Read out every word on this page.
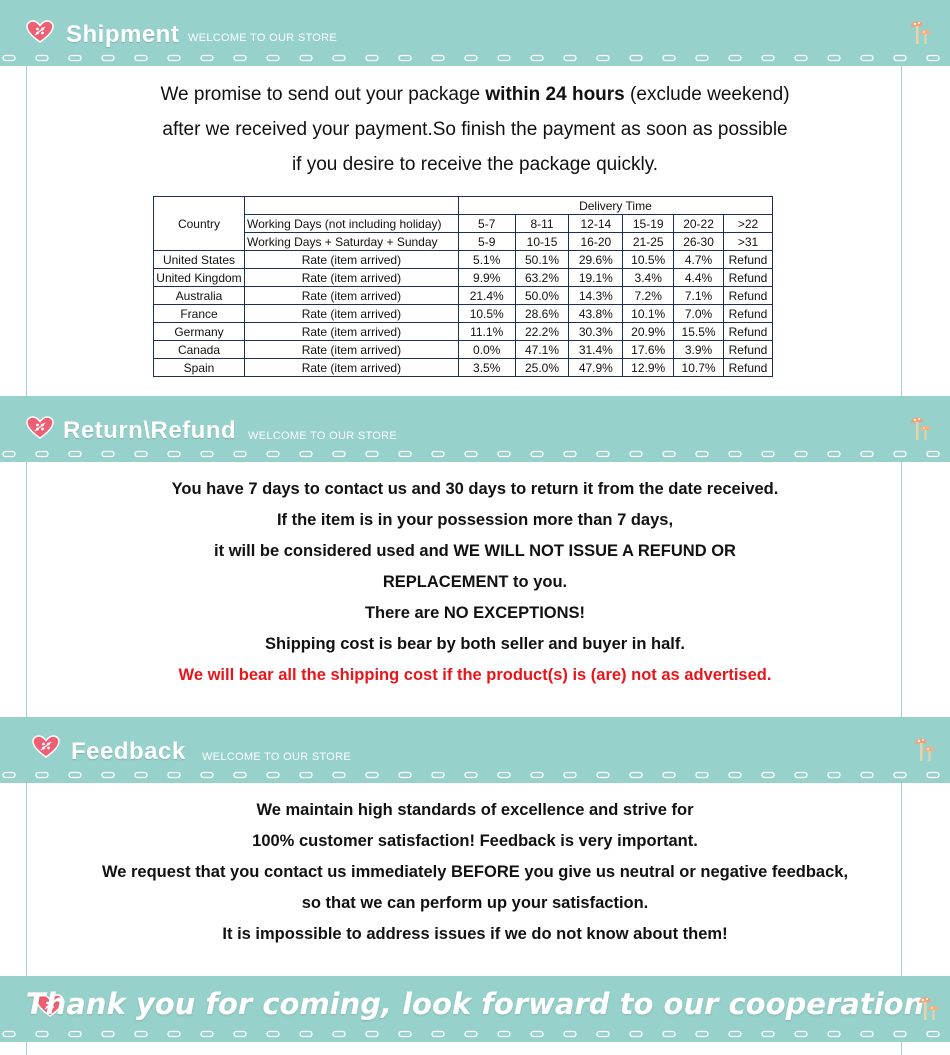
Shipment WELCOME TO OUR STORE
We promise to send out your package within 24 hours (exclude weekend)
after we received your payment.So finish the payment as soon as possible
if you desire to receive the package quickly.
Country		Delivery Time					
	Working Days (not including holiday)	5-7	8-11	12-14	15-19	20-22	>22
	Working Days + Saturday + Sunday	5-9	10-15	16-20	21-25	26-30	>31
United States	Rate (item arrived)	5.1%	50.1%	29.6%	10.5%	4.7%	Refund
United Kingdom	Rate (item arrived)	9.9%	63.2%	19.1%	3.4%	4.4%	Refund
Australia	Rate (item arrived)	21.4%	50.0%	14.3%	7.2%	7.1%	Refund
France	Rate (item arrived)	10.5%	28.6%	43.8%	10.1%	7.0%	Refund
Germany	Rate (item arrived)	11.1%	22.2%	30.3%	20.9%	15.5%	Refund
Canada	Rate (item arrived)	0.0%	47.1%	31.4%	17.6%	3.9%	Refund
Spain	Rate (item arrived)	3.5%	25.0%	47.9%	12.9%	10.7%	Refund
Return\Refund WELCOME TO OUR STORE
You have 7 days to contact us and 30 days to return it from the date received.
If the item is in your possession more than 7 days,
it will be considered used and WE WILL NOT ISSUE A REFUND OR
REPLACEMENT to you.
There are NO EXCEPTIONS!
Shipping cost is bear by both seller and buyer in half.
We will bear all the shipping cost if the product(s) is (are) not as advertised.
Feedback WELCOME TO OUR STORE
We maintain high standards of excellence and strive for
100% customer satisfaction! Feedback is very important.
We request that you contact us immediately BEFORE you give us neutral or negative feedback,
so that we can perform up your satisfaction.
It is impossible to address issues if we do not know about them!
Thank you for coming, look forward to our cooperation
